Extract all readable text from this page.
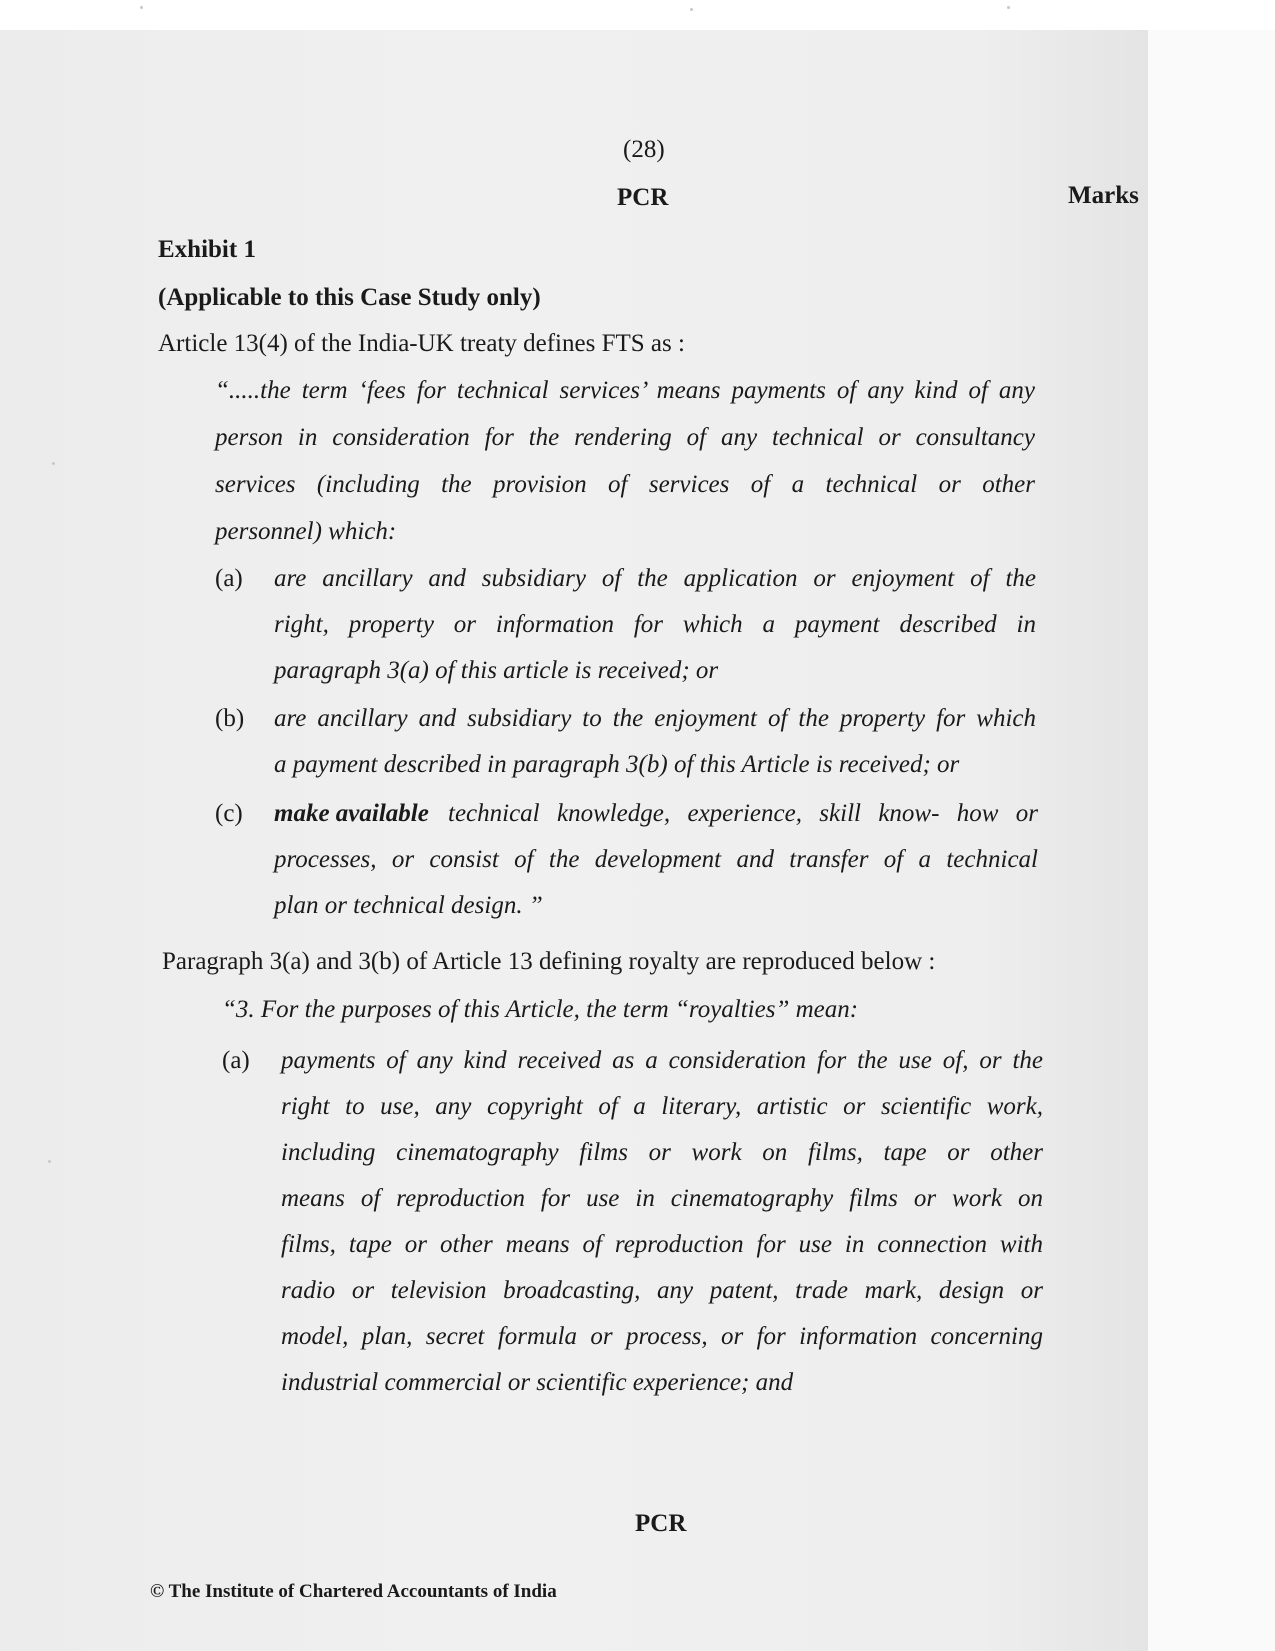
(28)
PCR	Marks
Exhibit 1
(Applicable to this Case Study only)
Article 13(4) of the India-UK treaty defines FTS as :
“.....the term ‘fees for technical services’ means payments of any kind of any
person in consideration for the rendering of any technical or consultancy
services (including the provision of services of a technical or other
personnel) which:
(a) are ancillary and subsidiary of the application or enjoyment of the
right, property or information for which a payment described in
paragraph 3(a) of this article is received; or
(b) are ancillary and subsidiary to the enjoyment of the property for which
a payment described in paragraph 3(b) of this Article is received; or
(c) make available technical knowledge, experience, skill know- how or
processes, or consist of the development and transfer of a technical
plan or technical design. ”
Paragraph 3(a) and 3(b) of Article 13 defining royalty are reproduced below :
“3. For the purposes of this Article, the term “royalties” mean:
(a) payments of any kind received as a consideration for the use of, or the
right to use, any copyright of a literary, artistic or scientific work,
including cinematography films or work on films, tape or other
means of reproduction for use in cinematography films or work on
films, tape or other means of reproduction for use in connection with
radio or television broadcasting, any patent, trade mark, design or
model, plan, secret formula or process, or for information concerning
industrial commercial or scientific experience; and
PCR
© The Institute of Chartered Accountants of India
